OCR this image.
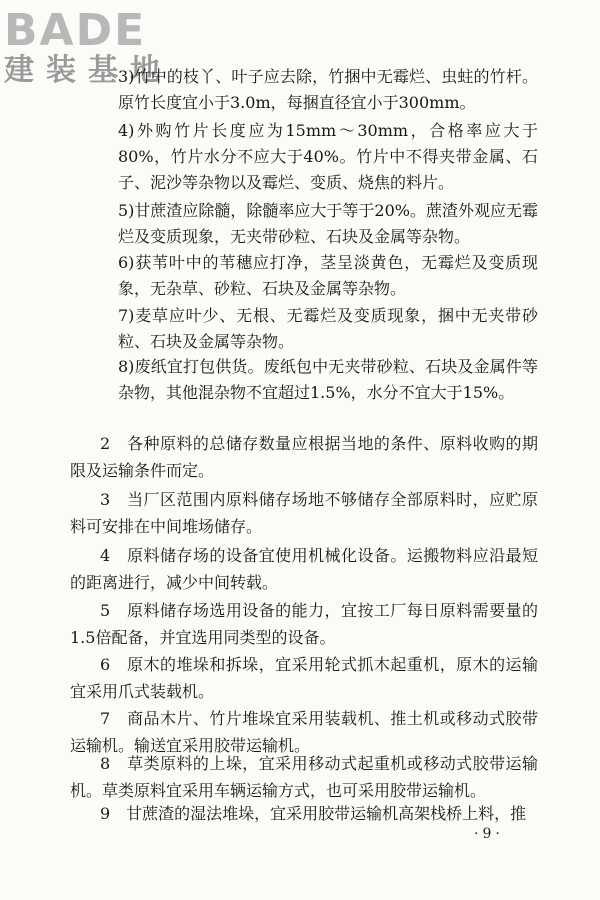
BADE
建装基地
3)竹中的枝丫、叶子应去除，竹捆中无霉烂、虫蛀的竹杆。原竹长度宜小于3.0m，每捆直径宜小于300mm。
4)外购竹片长度应为15mm～30mm，合格率应大于80%，竹片水分不应大于40%。竹片中不得夹带金属、石子、泥沙等杂物以及霉烂、变质、烧焦的料片。
5)甘蔗渣应除髓，除髓率应大于等于20%。蔗渣外观应无霉烂及变质现象，无夹带砂粒、石块及金属等杂物。
6)获苇叶中的苇穗应打净，茎呈淡黄色，无霉烂及变质现象，无杂草、砂粒、石块及金属等杂物。
7)麦草应叶少、无根、无霉烂及变质现象，捆中无夹带砂粒、石块及金属等杂物。
8)废纸宜打包供货。废纸包中无夹带砂粒、石块及金属件等杂物，其他混杂物不宜超过1.5%，水分不宜大于15%。
2　各种原料的总储存数量应根据当地的条件、原料收购的期限及运输条件而定。
3　当厂区范围内原料储存场地不够储存全部原料时，应贮原料可安排在中间堆场储存。
4　原料储存场的设备宜使用机械化设备。运搬物料应沿最短的距离进行，减少中间转载。
5　原料储存场选用设备的能力，宜按工厂每日原料需要量的1.5倍配备，并宜选用同类型的设备。
6　原木的堆垛和拆垛，宜采用轮式抓木起重机，原木的运输宜采用爪式装载机。
7　商品木片、竹片堆垛宜采用装载机、推土机或移动式胶带运输机。输送宜采用胶带运输机。
8　草类原料的上垛，宜采用移动式起重机或移动式胶带运输机。草类原料宜采用车辆运输方式，也可采用胶带运输机。
9　甘蔗渣的湿法堆垛，宜采用胶带运输机高架栈桥上料，推
·9·
